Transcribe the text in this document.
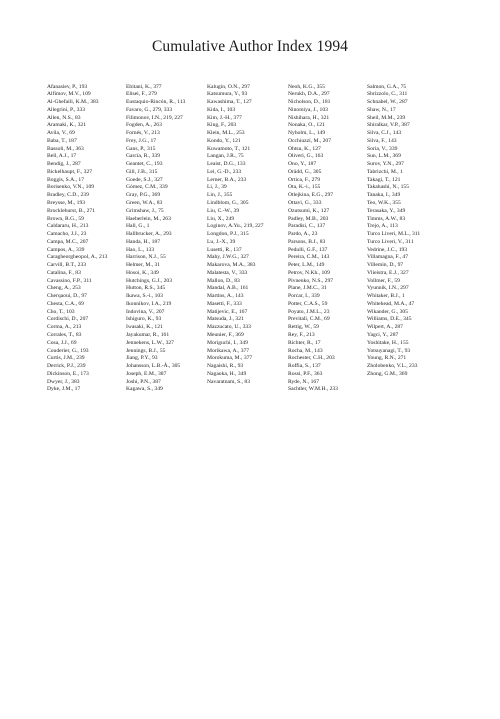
Cumulative Author Index 1994
Afanasiev, P., 193
Alfimov, M.V., 109
Al-Ghefaili, K.M., 383
Allegrini, P., 333
Allen, N.S., 83
Aramaki, K., 321
Avila, V., 69
Baba, T., 187
Bassoli, M., 363
Bell, A.J., 17
Bendig, J., 287
Bickelhaupt, F., 327
Boggis, S.A., 17
Borisenko, V.N., 109
Bradley, C.D., 239
Breysse, M., 193
Brocklehurst, B., 271
Brown, R.G., 59
Caldararu, H., 213
Camacho, J.J., 23
Campa, M.C., 207
Campos, A., 339
Caragheorgheopol, A., 213
Carvill, B.T., 233
Catalina, F., 83
Cavassino, F.P., 311
Cheng, A., 253
Cherqaoui, D., 97
Chesta, C.A., 69
Cho, T., 103
Cordischi, D., 207
Corma, A., 213
Corrales, T., 83
Cosa, J.J., 69
Couderier, G., 193
Curtis, J.M., 239
Derrick, P.J., 239
Dickinson, E., 173
Dwyer, J., 383
Dyke, J.M., 17
Ebitani, K., 377
Elisei, F., 279
Eustaquio-Rincón, R., 113
Favaro, G., 279, 333
Filimonov, I.N., 219, 227
Fogden, A., 263
Fornés, V., 213
Frey, J.G., 17
Gans, P., 315
García, R., 339
Geantet, C., 193
Gill, J.B., 315
Goede, S.J., 327
Gómez, C.M., 339
Gray, P.G., 369
Green, W.A., 83
Grimshaw, J., 75
Haeberlein, M., 263
Hall, G., 1
Hallbrucker, A., 293
Handa, H., 187
Hao, L., 133
Harrison, N.J., 55
Helmer, M., 31
Hosoi, K., 349
Hutchings, G.J., 203
Hutton, R.S., 345
Ikawa, S.-i., 103
Ikonnikov, I.A., 219
Indovina, V., 207
Ishiguro, K., 93
Iwasaki, K., 121
Jayakumar, R., 161
Jennekens, L.W., 327
Jennings, B.J., 55
Jiang, P.Y., 93
Johansson, L.B.-Å., 305
Joseph, E.M., 387
Joshi, P.N., 387
Kagawa, S., 349
Kalugin, O.N., 297
Katsumura, Y., 93
Kawashima, T., 127
Kida, I., 103
Kim, J.-H., 377
King, F., 203
Klein, M.L., 253
Kondo, Y., 121
Kuwamoto, T., 121
Langan, J.R., 75
Leaist, D.G., 133
Lei, G.-D., 233
Lerner, B.A., 233
Li, J., 39
Lin, J., 355
Lindblom, G., 305
Liu, C.-W., 39
Liu, X., 249
Loginov, A.Yu., 219, 227
Longdon, P.J., 315
Lu, J.-X., 39
Lusetti, R., 137
Mahy, J.W.G., 327
Makarova, M.A., 383
Malatesta, V., 333
Mallon, D., 83
Mandal, A.B., 161
Martins, A., 143
Masetti, F., 333
Matijevic, E., 167
Matsuda, J., 321
Mazzucato, U., 333
Meunier, F., 369
Moriguchi, I., 349
Morikawa, A., 377
Morokuma, M., 377
Nagaishi, R., 93
Nagaoka, H., 349
Navaratnam, S., 83
Neoh, K.G., 355
Nerukh, D.A., 297
Nicholson, D., 181
Ninomiya, J., 103
Nishihara, H., 321
Nonaka, O., 121
Nyholm, L., 149
Occhiuzzi, M., 207
Ohtsu, K., 127
Oliveri, G., 163
Ono, Y., 187
Orädd, G., 305
Ortica, F., 279
Ota, K.-i., 155
Otlejkina, E.G., 297
Ottavi, G., 333
Ozutsumi, K., 127
Padley, M.B., 203
Paradisi, C., 137
Pardo, A., 23
Parsons, B.J., 83
Pedulli, G.F., 137
Pereira, C.M., 143
Peter, L.M., 149
Petrov, N.Kh., 109
Pivnenko, N.S., 297
Plane, J.M.C., 31
Porcar, I., 339
Potter, C.A.S., 59
Poyato, J.M.L., 23
Previtali, C.M., 69
Rettig, W., 59
Rey, F., 213
Richter, R., 17
Rocha, M., 143
Rochester, C.H., 203
Roffia, S., 137
Rossi, P.F., 363
Ryde, N., 167
Sachtler, W.M.H., 233
Salmon, G.A., 75
Sbrizzolo, C., 311
Schnabel, W., 287
Shaw, N., 17
Sheil, M.M., 239
Shiralkar, V.P., 387
Silva, C.J., 143
Silva, F., 143
Soria, V., 339
Sun, L.M., 369
Surov, Y.N., 297
Tabrizchi, M., 1
Takagi, T., 121
Takahashi, N., 155
Tanaka, I., 349
Teo, W.K., 355
Terasaka, Y., 349
Timms, A.W., 83
Trejo, A., 113
Turco Liveri, M.L., 311
Turco Liveri, V., 311
Vedrine, J.C., 193
Villamagna, F., 47
Villemin, D., 97
Vlieistra, E.J., 327
Vollmer, F., 59
Vyunnik, I.N., 297
Whitaker, B.J., 1
Whitehead, M.A., 47
Wikander, G., 305
Williams, D.E., 345
Wilpert, A., 287
Yagci, Y., 287
Yoshitake, H., 155
Yotsuyanagi, T., 93
Young, R.N., 271
Zholobenko, V.L., 233
Zhong, G.M., 369
